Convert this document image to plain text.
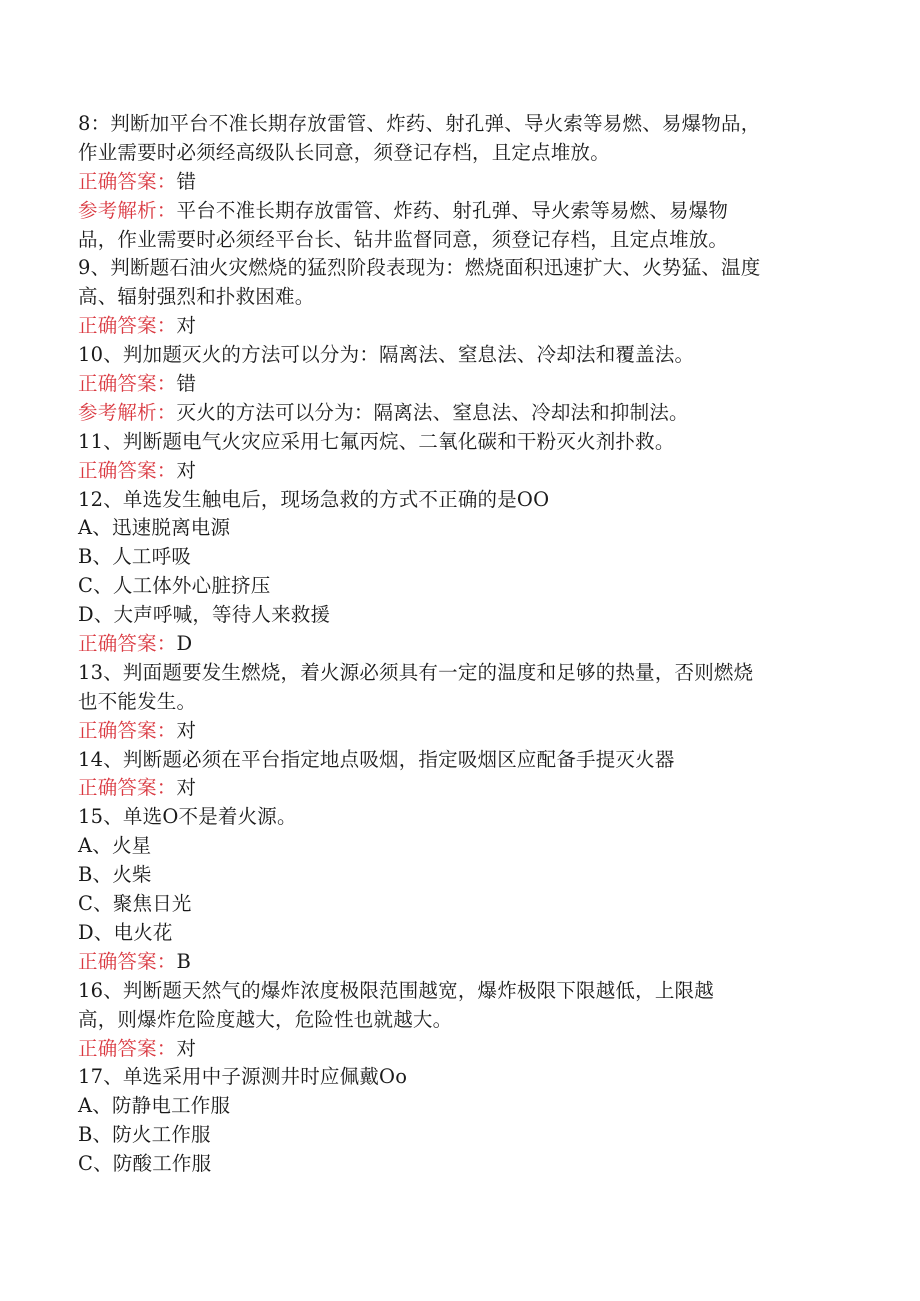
8：判断加平台不准长期存放雷管、炸药、射孔弹、导火索等易燃、易爆物品，
作业需要时必须经高级队长同意，须登记存档，且定点堆放。
正确答案：错
参考解析：平台不准长期存放雷管、炸药、射孔弹、导火索等易燃、易爆物
品，作业需要时必须经平台长、钻井监督同意，须登记存档，且定点堆放。
9、判断题石油火灾燃烧的猛烈阶段表现为：燃烧面积迅速扩大、火势猛、温度
高、辐射强烈和扑救困难。
正确答案：对
10、判加题灭火的方法可以分为：隔离法、窒息法、冷却法和覆盖法。
正确答案：错
参考解析：灭火的方法可以分为：隔离法、窒息法、冷却法和抑制法。
11、判断题电气火灾应采用七氟丙烷、二氧化碳和干粉灭火剂扑救。
正确答案：对
12、单选发生触电后，现场急救的方式不正确的是OO
A、迅速脱离电源
B、人工呼吸
C、人工体外心脏挤压
D、大声呼喊，等待人来救援
正确答案：D
13、判面题要发生燃烧，着火源必须具有一定的温度和足够的热量，否则燃烧
也不能发生。
正确答案：对
14、判断题必须在平台指定地点吸烟，指定吸烟区应配备手提灭火器
正确答案：对
15、单选O不是着火源。
A、火星
B、火柴
C、聚焦日光
D、电火花
正确答案：B
16、判断题天然气的爆炸浓度极限范围越宽，爆炸极限下限越低，上限越
高，则爆炸危险度越大，危险性也就越大。
正确答案：对
17、单选采用中子源测井时应佩戴Oo
A、防静电工作服
B、防火工作服
C、防酸工作服
